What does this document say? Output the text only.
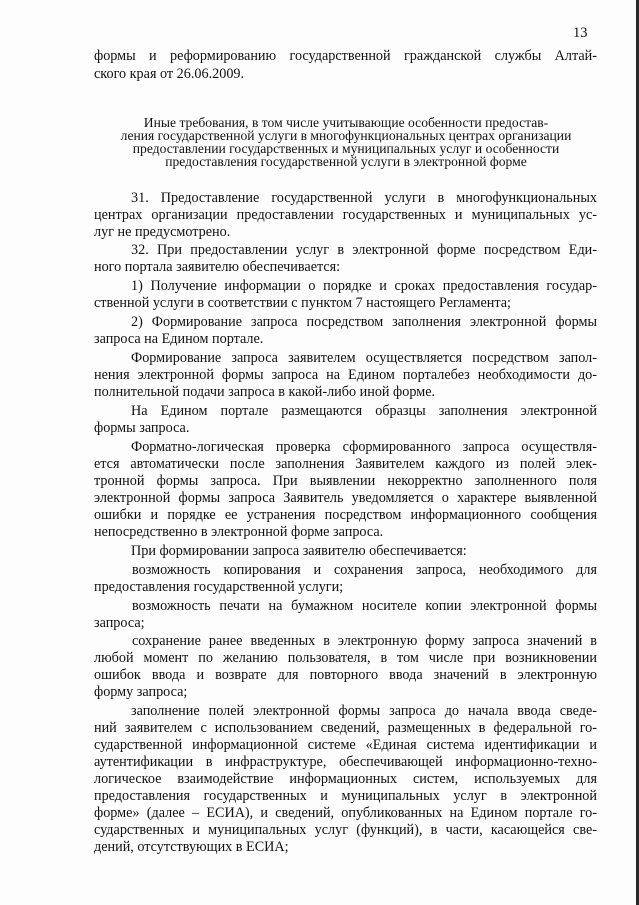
13
формы и реформированию государственной гражданской службы Алтай-
ского края от 26.06.2009.
Иные требования, в том числе учитывающие особенности предостав-
ления государственной услуги в многофункциональных центрах организации
предоставлении государственных и муниципальных услуг и особенности
предоставления государственной услуги в электронной форме
31. Предоставление государственной услуги в многофункциональных
центрах организации предоставлении государственных и муниципальных ус-
луг не предусмотрено.
32. При предоставлении услуг в электронной форме посредством Еди-
ного портала заявителю обеспечивается:
1) Получение информации о порядке и сроках предоставления государ-
ственной услуги в соответствии с пунктом 7 настоящего Регламента;
2) Формирование запроса посредством заполнения электронной формы
запроса на Едином портале.
Формирование запроса заявителем осуществляется посредством запол-
нения электронной формы запроса на Едином порталебез необходимости до-
полнительной подачи запроса в какой-либо иной форме.
На Едином портале размещаются образцы заполнения электронной
формы запроса.
Форматно-логическая проверка сформированного запроса осуществля-
ется автоматически после заполнения Заявителем каждого из полей элек-
тронной формы запроса. При выявлении некорректно заполненного поля
электронной формы запроса Заявитель уведомляется о характере выявленной
ошибки и порядке ее устранения посредством информационного сообщения
непосредственно в электронной форме запроса.
При формировании запроса заявителю обеспечивается:
возможность копирования и сохранения запроса, необходимого для
предоставления государственной услуги;
возможность печати на бумажном носителе копии электронной формы
запроса;
сохранение ранее введенных в электронную форму запроса значений в
любой момент по желанию пользователя, в том числе при возникновении
ошибок ввода и возврате для повторного ввода значений в электронную
форму запроса;
заполнение полей электронной формы запроса до начала ввода сведе-
ний заявителем с использованием сведений, размещенных в федеральной го-
сударственной информационной системе «Единая система идентификации и
аутентификации в инфраструктуре, обеспечивающей информационно-техно-
логическое взаимодействие информационных систем, используемых для
предоставления государственных и муниципальных услуг в электронной
форме» (далее – ЕСИА), и сведений, опубликованных на Едином портале го-
сударственных и муниципальных услуг (функций), в части, касающейся све-
дений, отсутствующих в ЕСИА;
